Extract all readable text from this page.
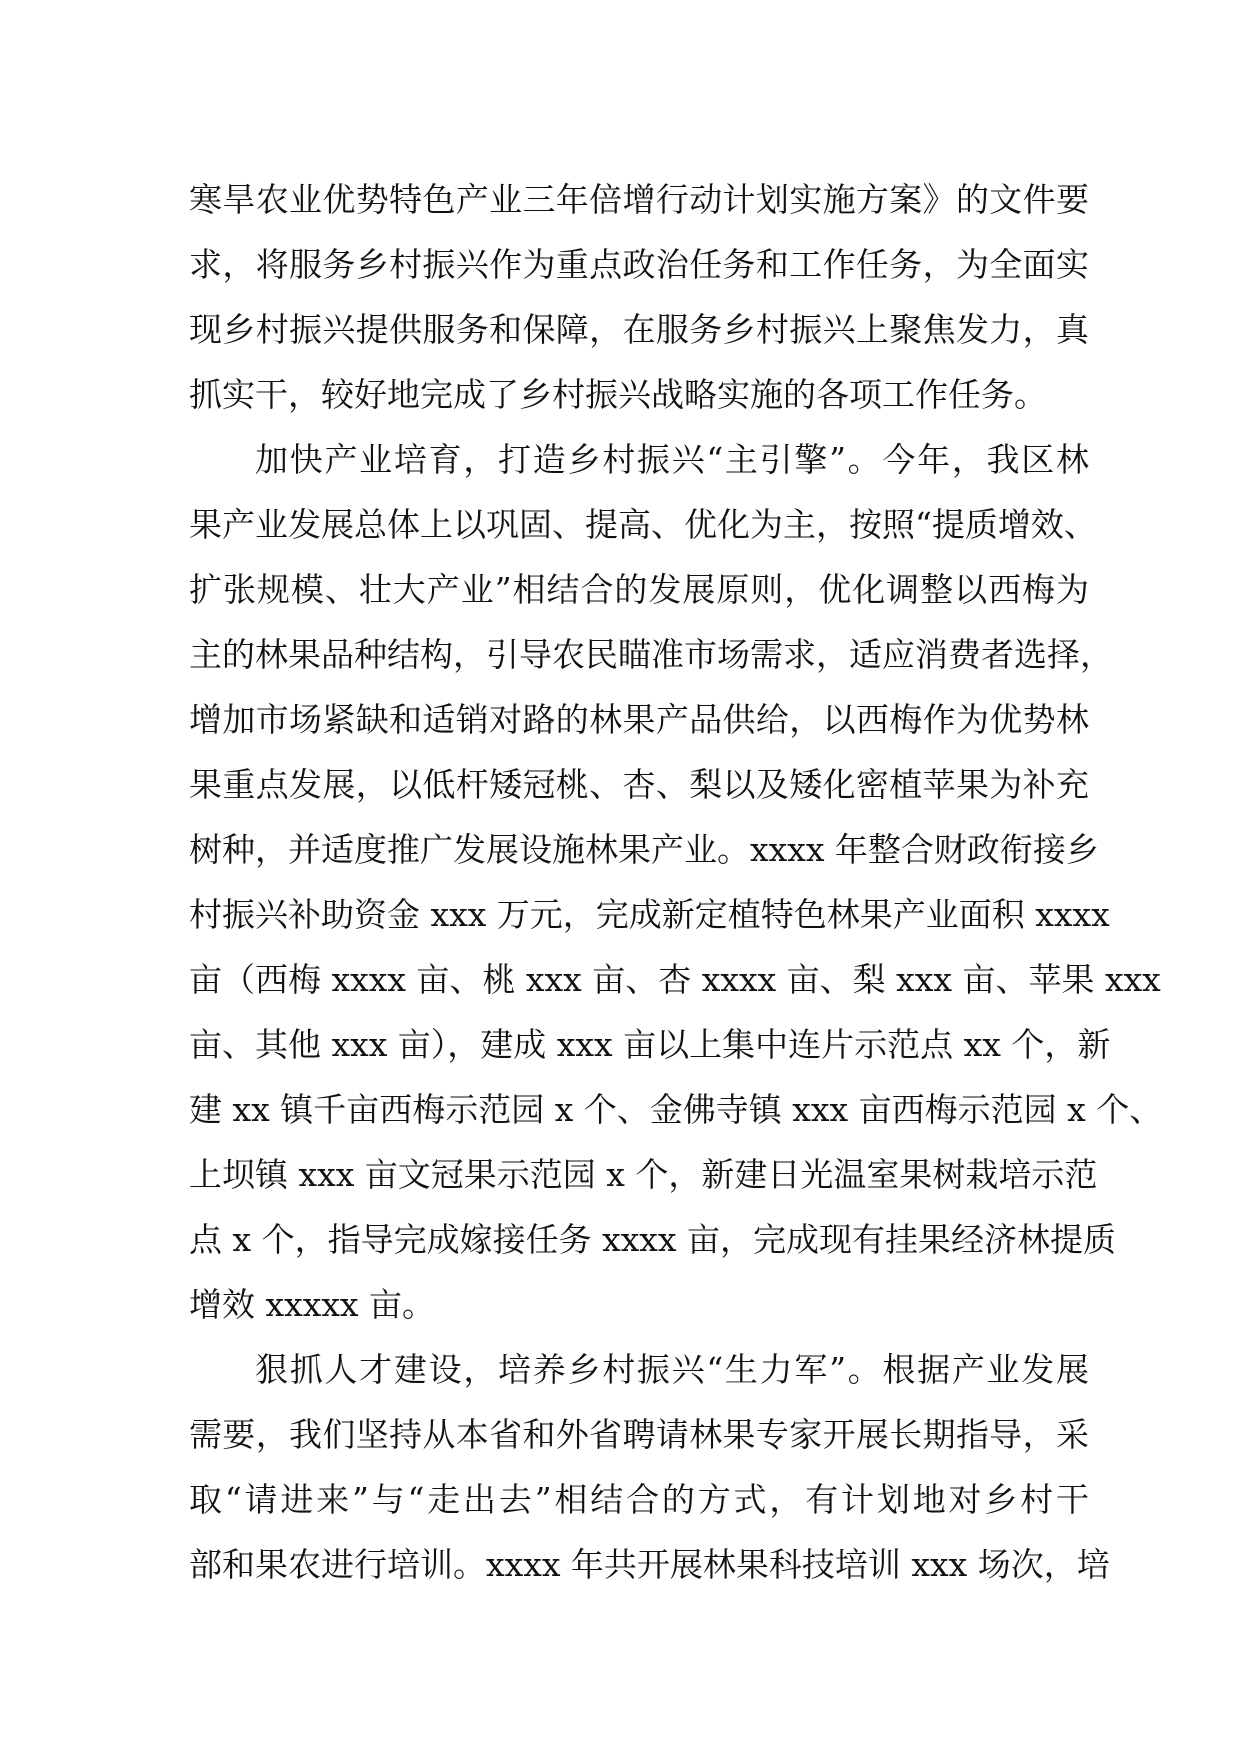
寒旱农业优势特色产业三年倍增行动计划实施方案》的文件要
求，将服务乡村振兴作为重点政治任务和工作任务，为全面实
现乡村振兴提供服务和保障，在服务乡村振兴上聚焦发力，真
抓实干，较好地完成了乡村振兴战略实施的各项工作任务。
加快产业培育，打造乡村振兴“主引擎”。今年，我区林
果产业发展总体上以巩固、提高、优化为主，按照“提质增效、
扩张规模、壮大产业”相结合的发展原则，优化调整以西梅为
主的林果品种结构，引导农民瞄准市场需求，适应消费者选择，
增加市场紧缺和适销对路的林果产品供给，以西梅作为优势林
果重点发展，以低杆矮冠桃、杏、梨以及矮化密植苹果为补充
树种，并适度推广发展设施林果产业。xxxx 年整合财政衔接乡
村振兴补助资金 xxx 万元，完成新定植特色林果产业面积 xxxx
亩（西梅 xxxx 亩、桃 xxx 亩、杏 xxxx 亩、梨 xxx 亩、苹果 xxx
亩、其他 xxx 亩），建成 xxx 亩以上集中连片示范点 xx 个，新
建 xx 镇千亩西梅示范园 x 个、金佛寺镇 xxx 亩西梅示范园 x 个、
上坝镇 xxx 亩文冠果示范园 x 个，新建日光温室果树栽培示范
点 x 个，指导完成嫁接任务 xxxx 亩，完成现有挂果经济林提质
增效 xxxxx 亩。
狠抓人才建设，培养乡村振兴“生力军”。根据产业发展
需要，我们坚持从本省和外省聘请林果专家开展长期指导，采
取“请进来”与“走出去”相结合的方式，有计划地对乡村干
部和果农进行培训。xxxx 年共开展林果科技培训 xxx 场次，培
